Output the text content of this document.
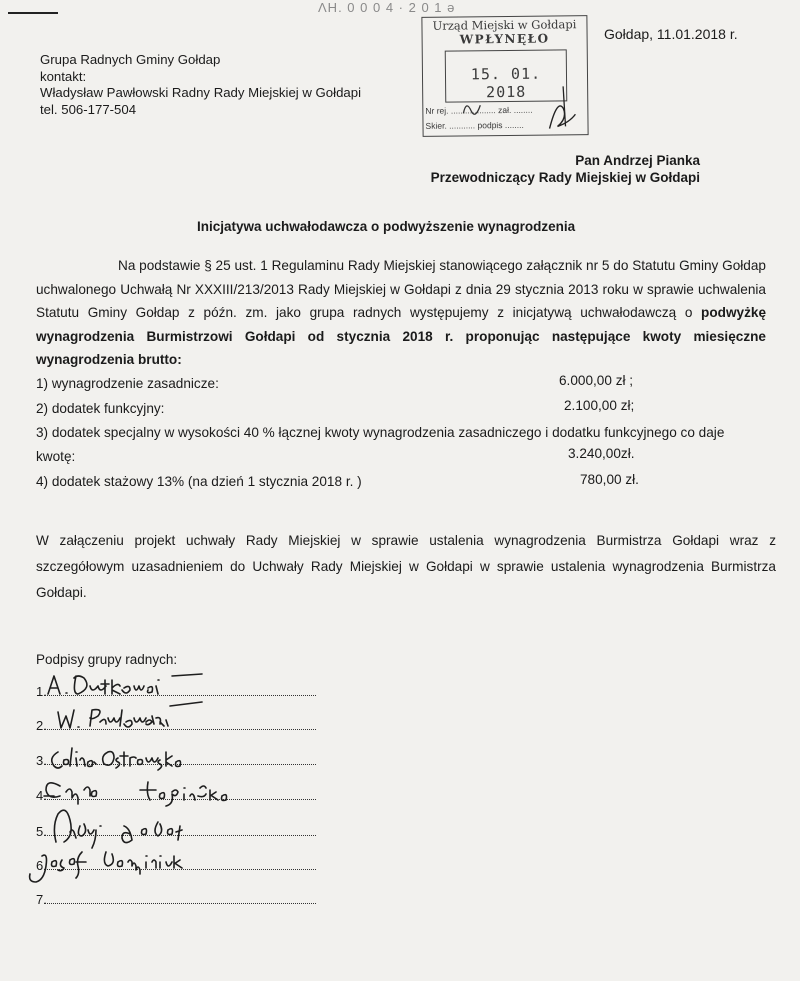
ɅH. 0 0 0 4 · 2 0 1 ǝ
Grupa Radnych Gminy Gołdap
kontakt:
Władysław Pawłowski Radny Rady Miejskiej w Gołdapi
tel. 506-177-504
Gołdap, 11.01.2018 r.
Urząd Miejski w Gołdapi
WPŁYNĘŁO
15. 01. 2018
Nr rej. ................... zał. ........
Skier. ........... podpis ........
Pan Andrzej Pianka
Przewodniczący Rady Miejskiej w Gołdapi
Inicjatywa uchwałodawcza o podwyższenie wynagrodzenia
Na podstawie § 25 ust. 1 Regulaminu Rady Miejskiej stanowiącego załącznik nr 5 do Statutu Gminy Gołdap uchwalonego Uchwałą Nr XXXIII/213/2013 Rady Miejskiej w Gołdapi z dnia 29 stycznia 2013 roku w sprawie uchwalenia Statutu Gminy Gołdap z późn. zm. jako grupa radnych występujemy z inicjatywą uchwałodawczą o podwyżkę wynagrodzenia Burmistrzowi Gołdapi od stycznia 2018 r. proponując następujące kwoty miesięczne wynagrodzenia brutto:
1) wynagrodzenie zasadnicze:	6.000,00 zł ;
2) dodatek funkcyjny:	2.100,00 zł;
3) dodatek specjalny w wysokości 40 % łącznej kwoty wynagrodzenia zasadniczego i dodatku funkcyjnego co daje
kwotę:	3.240,00zł.
4) dodatek stażowy 13% (na dzień 1 stycznia 2018 r. )	780,00 zł.
W załączeniu projekt uchwały Rady Miejskiej w sprawie ustalenia wynagrodzenia Burmistrza Gołdapi wraz z szczegółowym uzasadnieniem do Uchwały Rady Miejskiej w Gołdapi w sprawie ustalenia wynagrodzenia Burmistrza Gołdapi.
Podpisy grupy radnych:
1.
2.
3.
4.
5.
6.
7.
